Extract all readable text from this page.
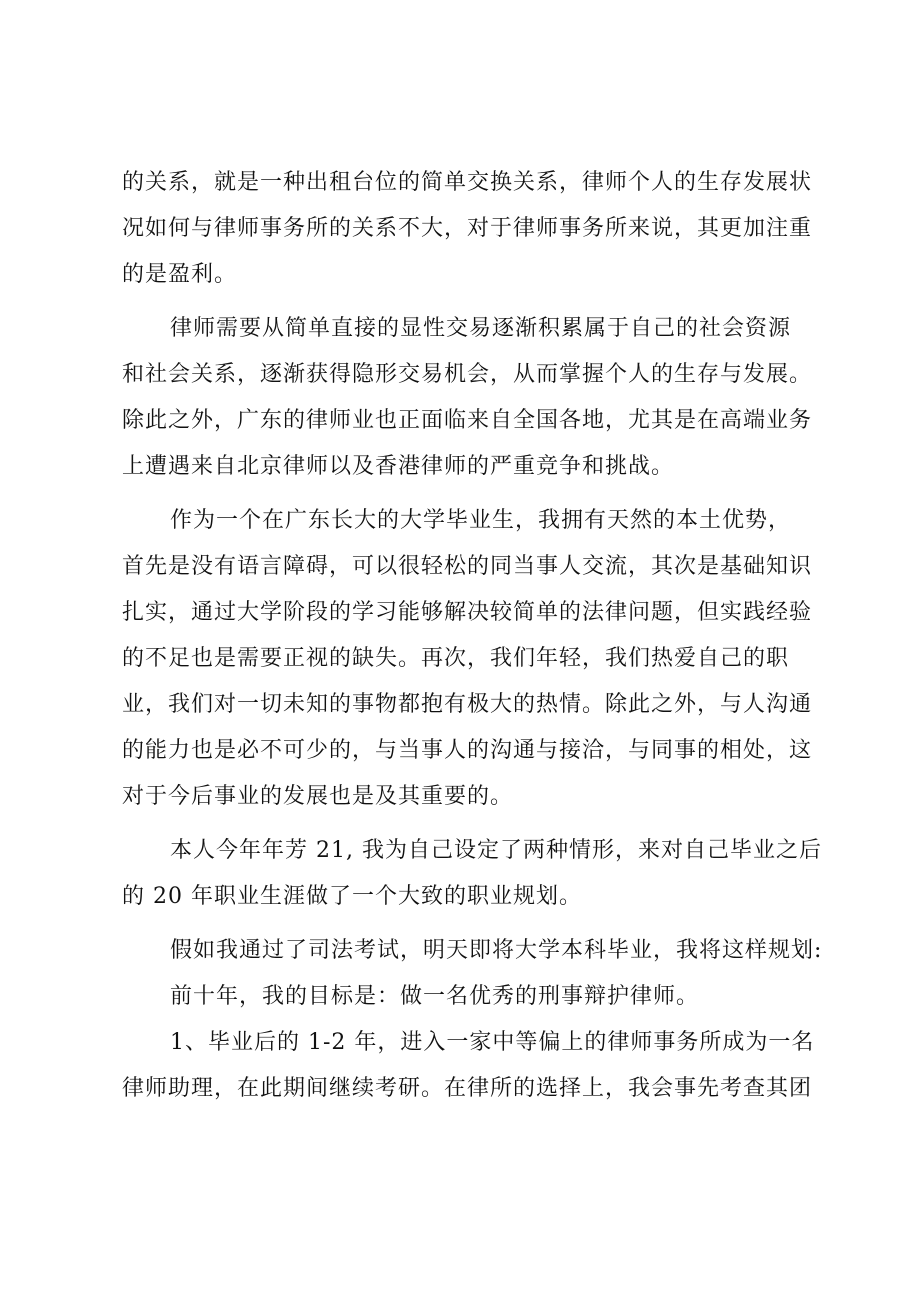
的关系，就是一种出租台位的简单交换关系，律师个人的生存发展状
况如何与律师事务所的关系不大，对于律师事务所来说，其更加注重
的是盈利。
律师需要从简单直接的显性交易逐渐积累属于自己的社会资源
和社会关系，逐渐获得隐形交易机会，从而掌握个人的生存与发展。
除此之外，广东的律师业也正面临来自全国各地，尤其是在高端业务
上遭遇来自北京律师以及香港律师的严重竞争和挑战。
作为一个在广东长大的大学毕业生，我拥有天然的本土优势，
首先是没有语言障碍，可以很轻松的同当事人交流，其次是基础知识
扎实，通过大学阶段的学习能够解决较简单的法律问题，但实践经验
的不足也是需要正视的缺失。再次，我们年轻，我们热爱自己的职
业，我们对一切未知的事物都抱有极大的热情。除此之外，与人沟通
的能力也是必不可少的，与当事人的沟通与接洽，与同事的相处，这
对于今后事业的发展也是及其重要的。
本人今年年芳 21, 我为自己设定了两种情形，来对自己毕业之后
的 20 年职业生涯做了一个大致的职业规划。
假如我通过了司法考试，明天即将大学本科毕业，我将这样规划:
前十年，我的目标是：做一名优秀的刑事辩护律师。
1、毕业后的 1-2 年，进入一家中等偏上的律师事务所成为一名
律师助理，在此期间继续考研。在律所的选择上，我会事先考查其团
